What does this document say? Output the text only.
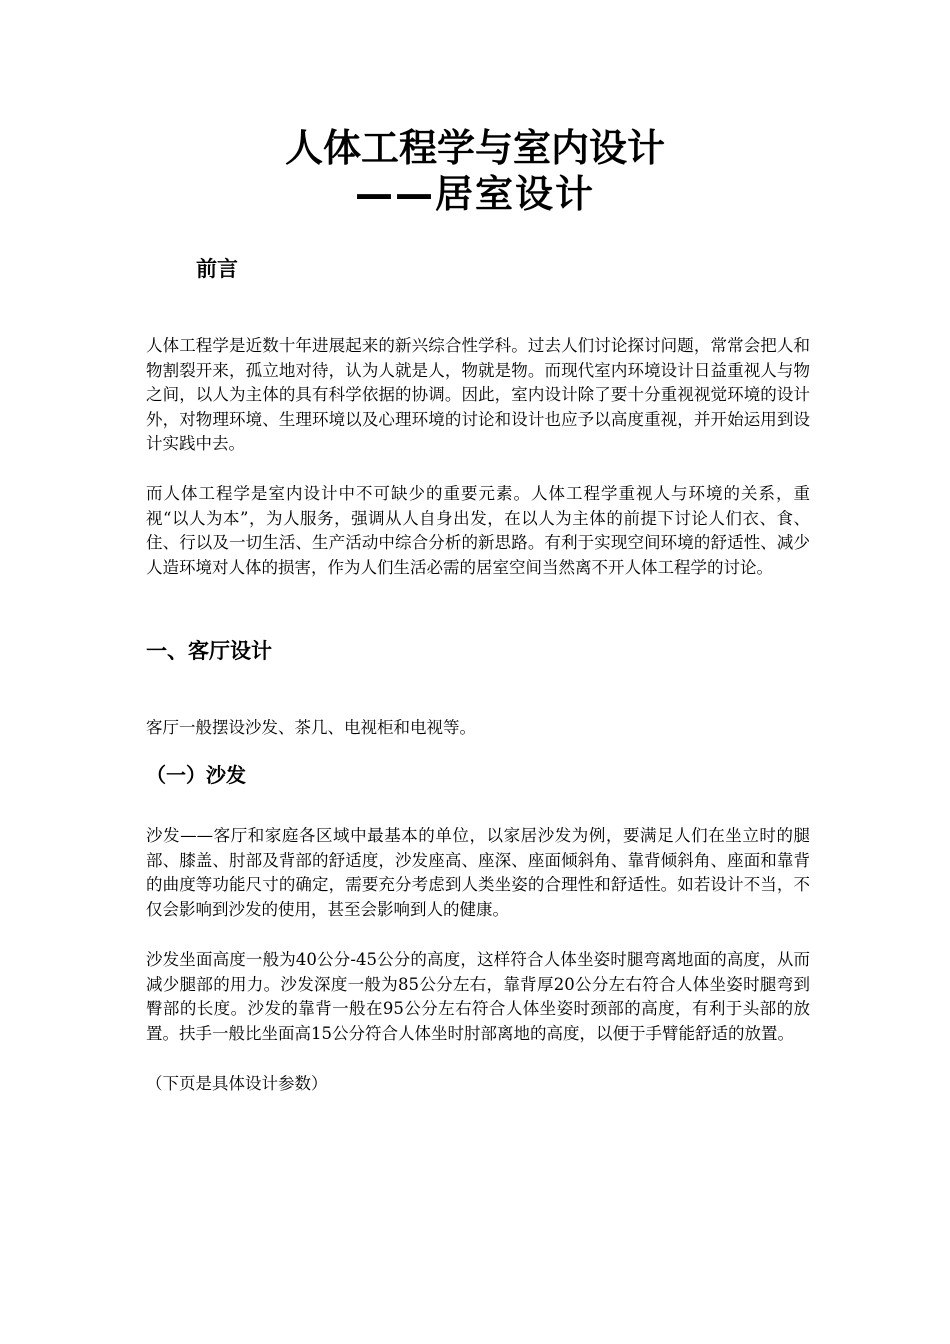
人体工程学与室内设计
——居室设计
前言

人体工程学是近数十年进展起来的新兴综合性学科。过去人们讨论探讨问题，常常会把人和物割裂开来，孤立地对待，认为人就是人，物就是物。而现代室内环境设计日益重视人与物之间，以人为主体的具有科学依据的协调。因此，室内设计除了要十分重视视觉环境的设计外，对物理环境、生理环境以及心理环境的讨论和设计也应予以高度重视，并开始运用到设计实践中去。

而人体工程学是室内设计中不可缺少的重要元素。人体工程学重视人与环境的关系，重视“以人为本”，为人服务，强调从人自身出发，在以人为主体的前提下讨论人们衣、食、住、行以及一切生活、生产活动中综合分析的新思路。有利于实现空间环境的舒适性、减少人造环境对人体的损害，作为人们生活必需的居室空间当然离不开人体工程学的讨论。

一、客厅设计

客厅一般摆设沙发、茶几、电视柜和电视等。

（一）沙发

沙发——客厅和家庭各区域中最基本的单位，以家居沙发为例，要满足人们在坐立时的腿部、膝盖、肘部及背部的舒适度，沙发座高、座深、座面倾斜角、靠背倾斜角、座面和靠背的曲度等功能尺寸的确定，需要充分考虑到人类坐姿的合理性和舒适性。如若设计不当，不仅会影响到沙发的使用，甚至会影响到人的健康。

沙发坐面高度一般为40公分-45公分的高度，这样符合人体坐姿时腿弯离地面的高度，从而减少腿部的用力。沙发深度一般为85公分左右，靠背厚20公分左右符合人体坐姿时腿弯到臀部的长度。沙发的靠背一般在95公分左右符合人体坐姿时颈部的高度，有利于头部的放置。扶手一般比坐面高15公分符合人体坐时肘部离地的高度，以便于手臂能舒适的放置。

（下页是具体设计参数）
